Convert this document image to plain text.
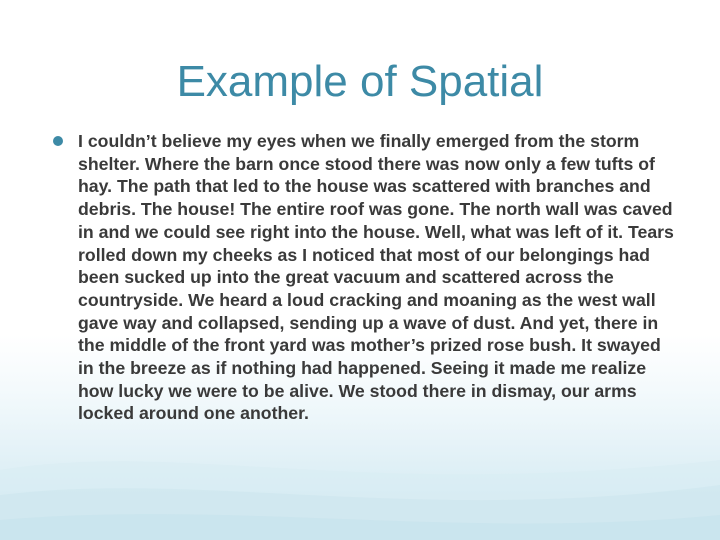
Example of Spatial

I couldn’t believe my eyes when we finally emerged from the storm shelter. Where the barn once stood there was now only a few tufts of hay. The path that led to the house was scattered with branches and debris. The house! The entire roof was gone. The north wall was caved in and we could see right into the house. Well, what was left of it. Tears rolled down my cheeks as I noticed that most of our belongings had been sucked up into the great vacuum and scattered across the countryside. We heard a loud cracking and moaning as the west wall gave way and collapsed, sending up a wave of dust. And yet, there in the middle of the front yard was mother’s prized rose bush. It swayed in the breeze as if nothing had happened. Seeing it made me realize how lucky we were to be alive. We stood there in dismay, our arms locked around one another.
